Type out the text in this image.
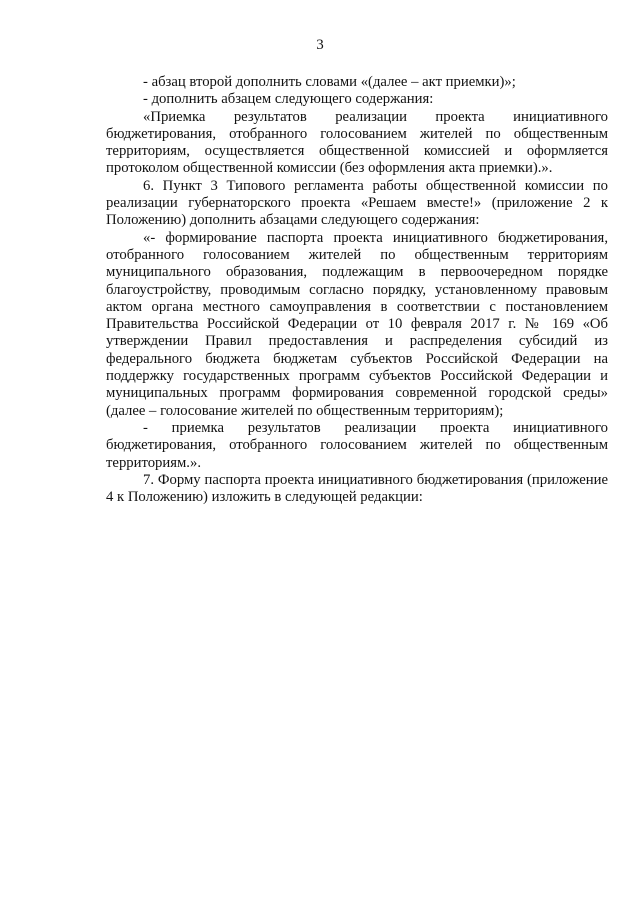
3

- абзац второй дополнить словами «(далее – акт приемки)»;

- дополнить абзацем следующего содержания:

«Приемка результатов реализации проекта инициативного бюджетирования, отобранного голосованием жителей по общественным территориям, осуществляется общественной комиссией и оформляется протоколом общественной комиссии (без оформления акта приемки).».

6. Пункт 3 Типового регламента работы общественной комиссии по реализации губернаторского проекта «Решаем вместе!» (приложение 2 к Положению) дополнить абзацами следующего содержания:

«- формирование паспорта проекта инициативного бюджетирования, отобранного голосованием жителей по общественным территориям муниципального образования, подлежащим в первоочередном порядке благоустройству, проводимым согласно порядку, установленному правовым актом органа местного самоуправления в соответствии с постановлением Правительства Российской Федерации от 10 февраля 2017 г. № 169 «Об утверждении Правил предоставления и распределения субсидий из федерального бюджета бюджетам субъектов Российской Федерации на поддержку государственных программ субъектов Российской Федерации и муниципальных программ формирования современной городской среды» (далее – голосование жителей по общественным территориям);

- приемка результатов реализации проекта инициативного бюджетирования, отобранного голосованием жителей по общественным территориям.».

7. Форму паспорта проекта инициативного бюджетирования (приложение 4 к Положению) изложить в следующей редакции:
